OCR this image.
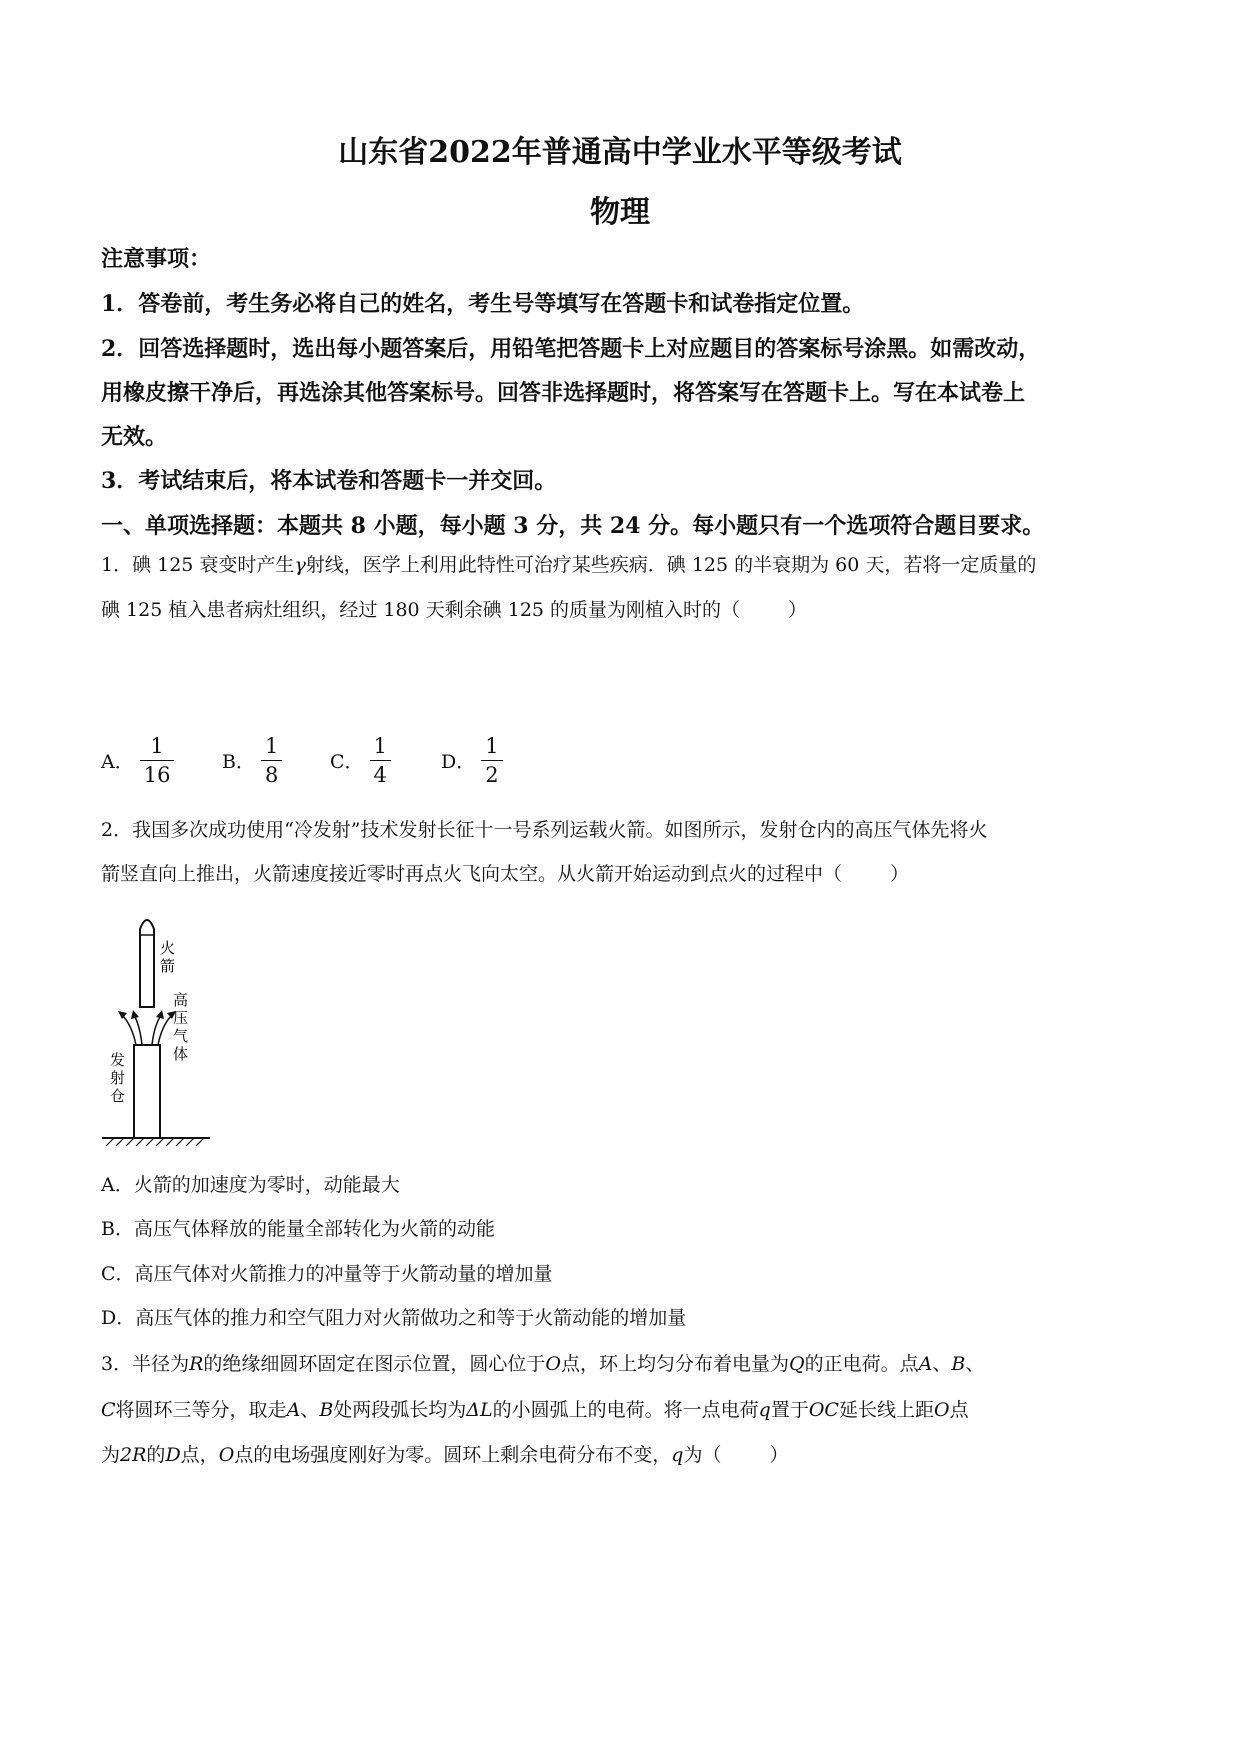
山东省2022年普通高中学业水平等级考试
物理
注意事项：
1．答卷前，考生务必将自己的姓名，考生号等填写在答题卡和试卷指定位置。
2．回答选择题时，选出每小题答案后，用铅笔把答题卡上对应题目的答案标号涂黑。如需改动，
用橡皮擦干净后，再选涂其他答案标号。回答非选择题时，将答案写在答题卡上。写在本试卷上
无效。
3．考试结束后，将本试卷和答题卡一并交回。
一、单项选择题：本题共 8 小题，每小题 3 分，共 24 分。每小题只有一个选项符合题目要求。
1．碘 125 衰变时产生γ射线，医学上利用此特性可治疗某些疾病．碘 125 的半衰期为 60 天，若将一定质量的
碘 125 植入患者病灶组织，经过 180 天剩余碘 125 的质量为刚植入时的（	）
A． $\frac{1}{16}$	B． $\frac{1}{8}$	C． $\frac{1}{4}$	D． $\frac{1}{2}$
2．我国多次成功使用“冷发射”技术发射长征十一号系列运载火箭。如图所示，发射仓内的高压气体先将火
箭竖直向上推出，火箭速度接近零时再点火飞向太空。从火箭开始运动到点火的过程中（	）
火
箭
高
压
气
体
发
射
仓
A．火箭的加速度为零时，动能最大
B．高压气体释放的能量全部转化为火箭的动能
C．高压气体对火箭推力的冲量等于火箭动量的增加量
D．高压气体的推力和空气阻力对火箭做功之和等于火箭动能的增加量
3．半径为R的绝缘细圆环固定在图示位置，圆心位于O点，环上均匀分布着电量为Q的正电荷。点A、B、
C将圆环三等分，取走A、B处两段弧长均为ΔL的小圆弧上的电荷。将一点电荷q置于OC延长线上距O点
为2R的D点，O点的电场强度刚好为零。圆环上剩余电荷分布不变，q为（	）
